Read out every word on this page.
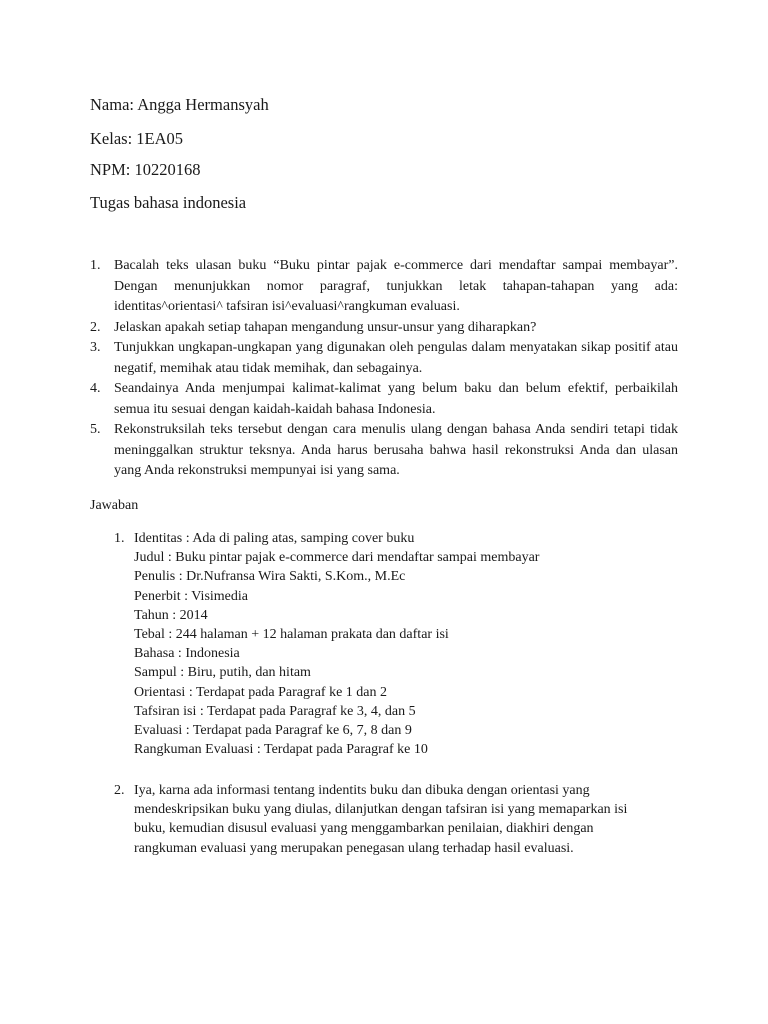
Nama: Angga Hermansyah
Kelas: 1EA05
NPM: 10220168
Tugas bahasa indonesia
1. Bacalah teks ulasan buku “Buku pintar pajak e-commerce dari mendaftar sampai membayar”. Dengan menunjukkan nomor paragraf, tunjukkan letak tahapan-tahapan yang ada: identitas^orientasi^ tafsiran isi^evaluasi^rangkuman evaluasi.
2. Jelaskan apakah setiap tahapan mengandung unsur-unsur yang diharapkan?
3. Tunjukkan ungkapan-ungkapan yang digunakan oleh pengulas dalam menyatakan sikap positif atau negatif, memihak atau tidak memihak, dan sebagainya.
4. Seandainya Anda menjumpai kalimat-kalimat yang belum baku dan belum efektif, perbaikilah semua itu sesuai dengan kaidah-kaidah bahasa Indonesia.
5. Rekonstruksilah teks tersebut dengan cara menulis ulang dengan bahasa Anda sendiri tetapi tidak meninggalkan struktur teksnya. Anda harus berusaha bahwa hasil rekonstruksi Anda dan ulasan yang Anda rekonstruksi mempunyai isi yang sama.
Jawaban
1. Identitas : Ada di paling atas, samping cover buku
Judul : Buku pintar pajak e-commerce dari mendaftar sampai membayar
Penulis : Dr.Nufransa Wira Sakti, S.Kom., M.Ec
Penerbit : Visimedia
Tahun : 2014
Tebal : 244 halaman + 12 halaman prakata dan daftar isi
Bahasa : Indonesia
Sampul : Biru, putih, dan hitam
Orientasi : Terdapat pada Paragraf ke 1 dan 2
Tafsiran isi : Terdapat pada Paragraf ke 3, 4, dan 5
Evaluasi : Terdapat pada Paragraf ke 6, 7, 8 dan 9
Rangkuman Evaluasi : Terdapat pada Paragraf ke 10
2. Iya, karna ada informasi tentang indentits buku dan dibuka dengan orientasi yang
mendeskripsikan buku yang diulas, dilanjutkan dengan tafsiran isi yang memaparkan isi
buku, kemudian disusul evaluasi yang menggambarkan penilaian, diakhiri dengan
rangkuman evaluasi yang merupakan penegasan ulang terhadap hasil evaluasi.
